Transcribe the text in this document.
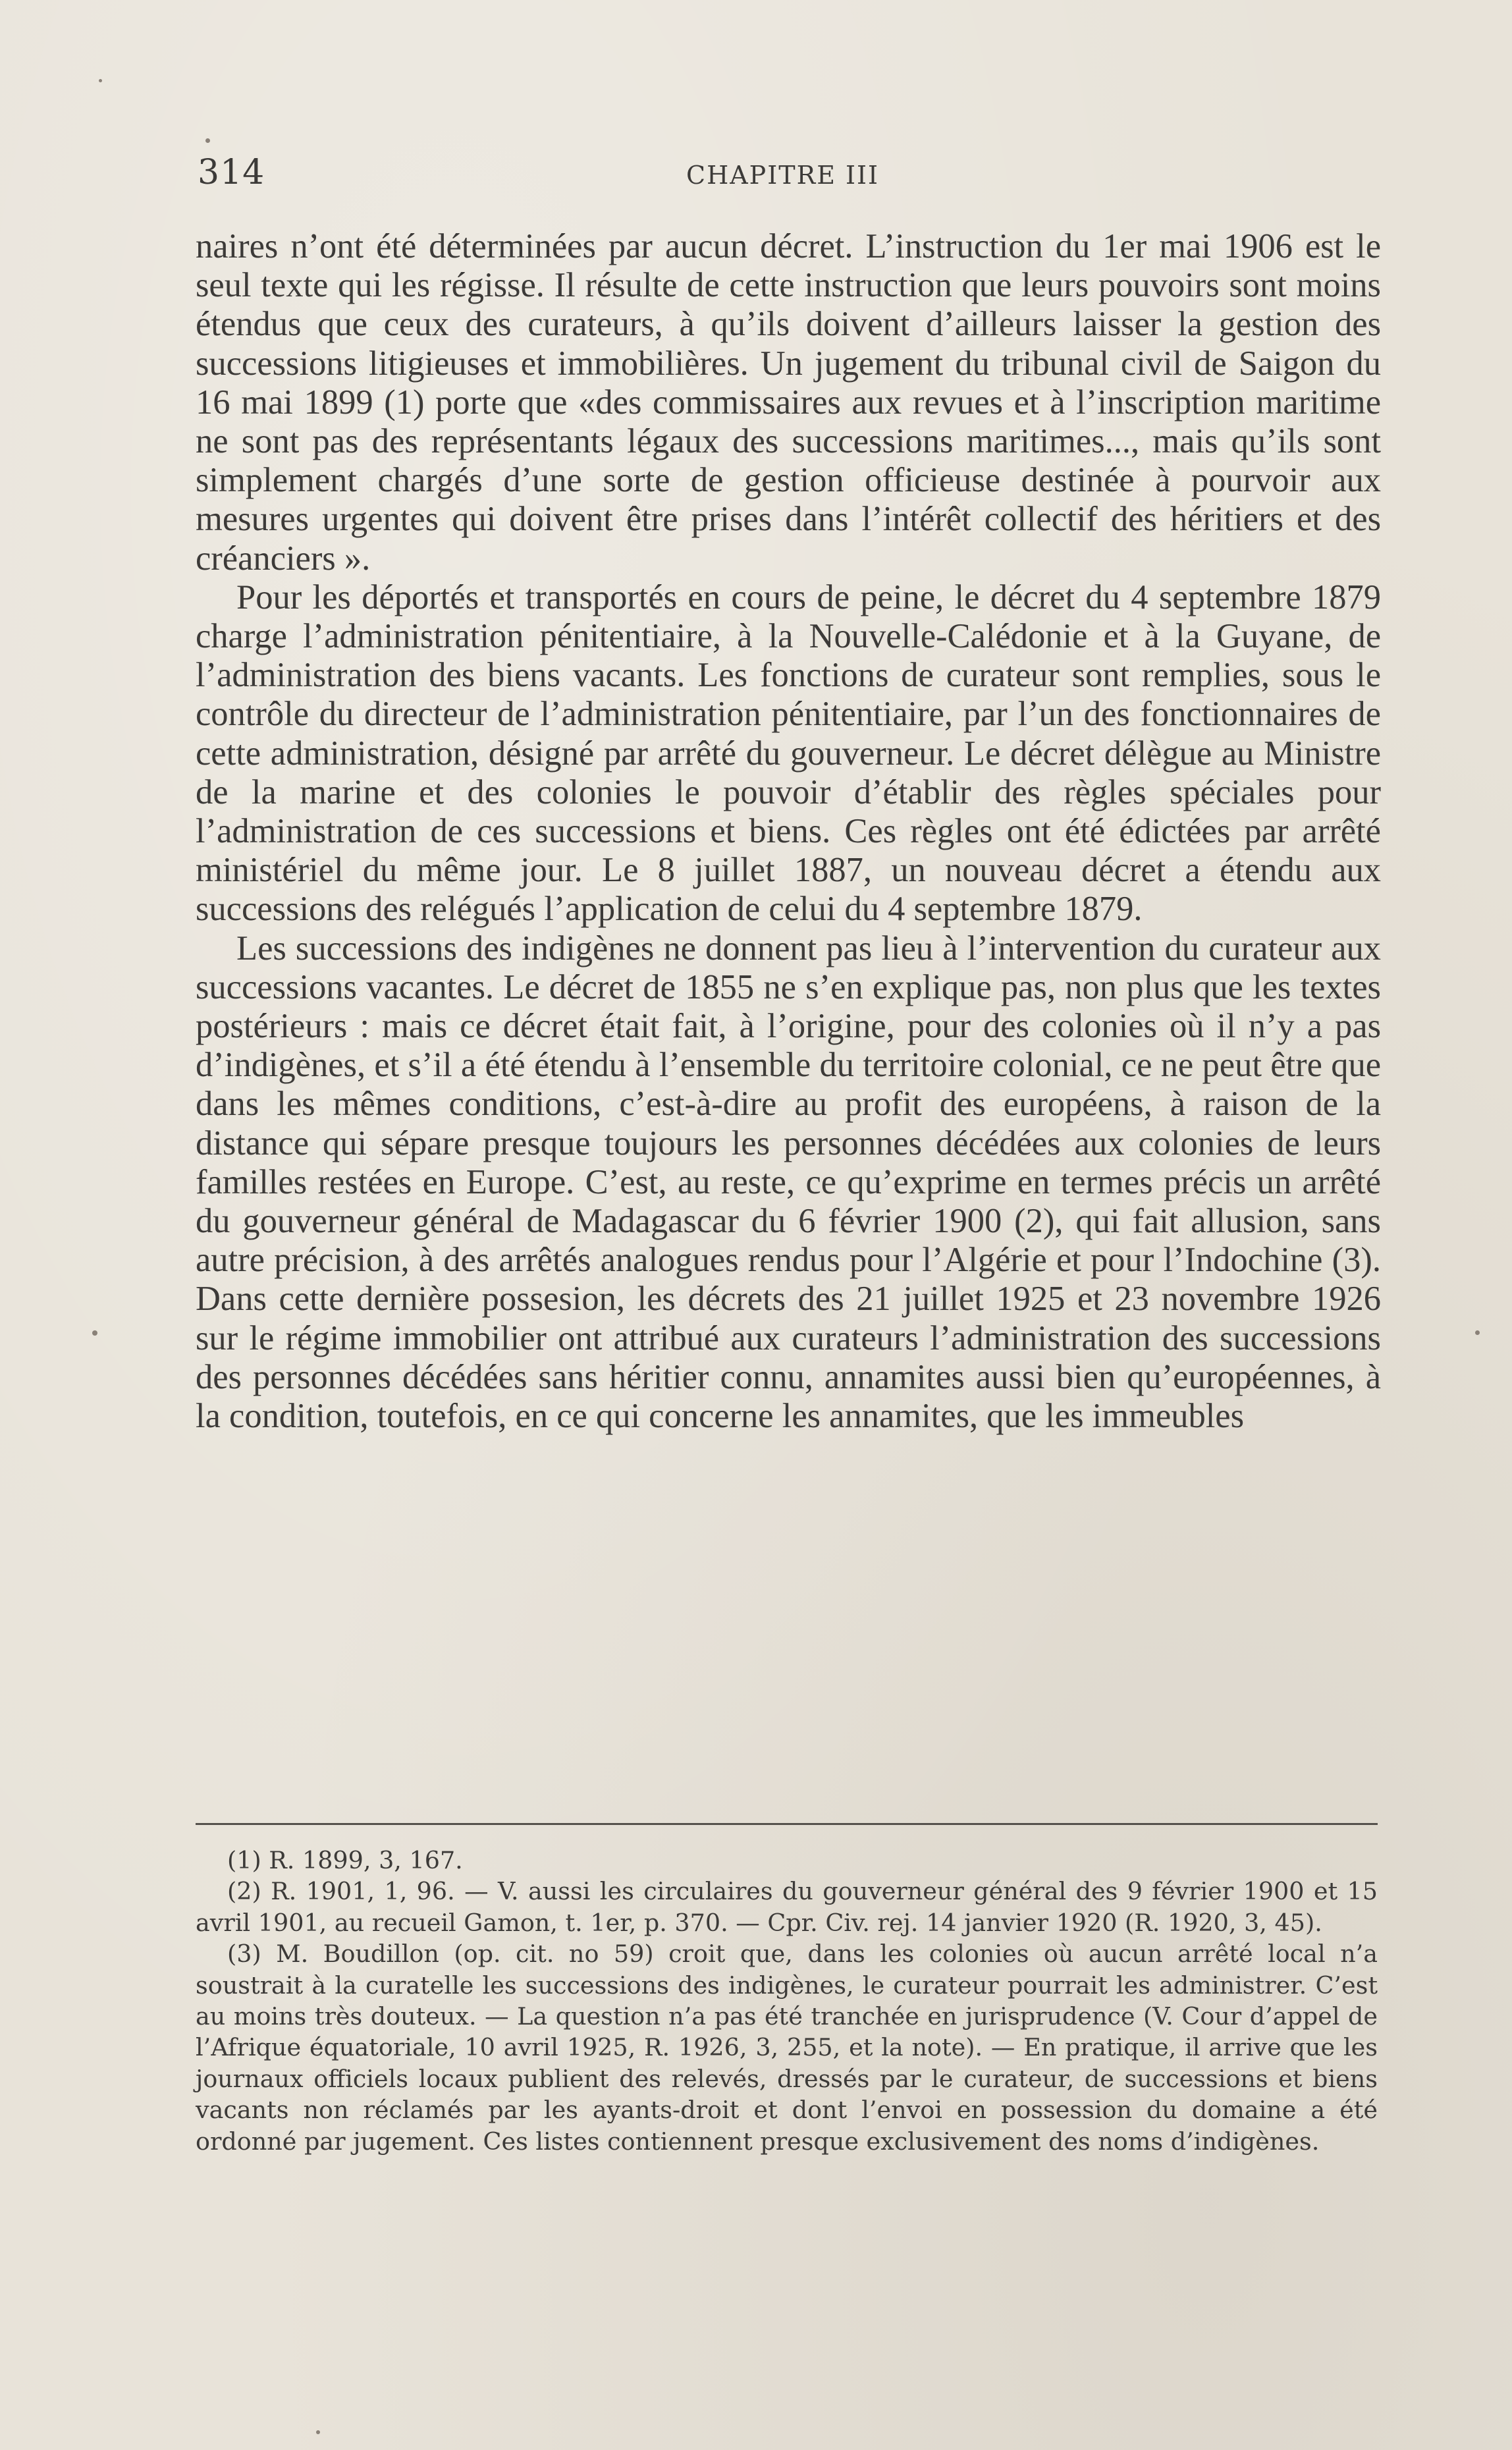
314	CHAPITRE III

naires n’ont été déterminées par aucun décret. L’instruction du 1er mai 1906 est le seul texte qui les régisse. Il résulte de cette instruction que leurs pouvoirs sont moins étendus que ceux des curateurs, à qu’ils doivent d’ailleurs laisser la gestion des successions litigieuses et immobilières. Un jugement du tribunal civil de Saigon du 16 mai 1899 (1) porte que «des commissaires aux revues et à l’inscription maritime ne sont pas des représentants légaux des successions maritimes..., mais qu’ils sont simplement chargés d’une sorte de gestion officieuse destinée à pourvoir aux mesures urgentes qui doivent être prises dans l’intérêt collectif des héritiers et des créanciers ».

Pour les déportés et transportés en cours de peine, le décret du 4 septembre 1879 charge l’administration pénitentiaire, à la Nouvelle-Calédonie et à la Guyane, de l’administration des biens vacants. Les fonctions de curateur sont remplies, sous le contrôle du directeur de l’administration pénitentiaire, par l’un des fonctionnaires de cette administration, désigné par arrêté du gouverneur. Le décret délègue au Ministre de la marine et des colonies le pouvoir d’établir des règles spéciales pour l’administration de ces successions et biens. Ces règles ont été édictées par arrêté ministériel du même jour. Le 8 juillet 1887, un nouveau décret a étendu aux successions des relégués l’application de celui du 4 septembre 1879.

Les successions des indigènes ne donnent pas lieu à l’intervention du curateur aux successions vacantes. Le décret de 1855 ne s’en explique pas, non plus que les textes postérieurs : mais ce décret était fait, à l’origine, pour des colonies où il n’y a pas d’indigènes, et s’il a été étendu à l’ensemble du territoire colonial, ce ne peut être que dans les mêmes conditions, c’est-à-dire au profit des européens, à raison de la distance qui sépare presque toujours les personnes décédées aux colonies de leurs familles restées en Europe. C’est, au reste, ce qu’exprime en termes précis un arrêté du gouverneur général de Madagascar du 6 février 1900 (2), qui fait allusion, sans autre précision, à des arrêtés analogues rendus pour l’Algérie et pour l’Indochine (3). Dans cette dernière possesion, les décrets des 21 juillet 1925 et 23 novembre 1926 sur le régime immobilier ont attribué aux curateurs l’administration des successions des personnes décédées sans héritier connu, annamites aussi bien qu’européennes, à la condition, toutefois, en ce qui concerne les annamites, que les immeubles

(1) R. 1899, 3, 167.

(2) R. 1901, 1, 96. — V. aussi les circulaires du gouverneur général des 9 février 1900 et 15 avril 1901, au recueil Gamon, t. 1er, p. 370. — Cpr. Civ. rej. 14 janvier 1920 (R. 1920, 3, 45).

(3) M. Boudillon (op. cit. no 59) croit que, dans les colonies où aucun arrêté local n’a soustrait à la curatelle les successions des indigènes, le curateur pourrait les administrer. C’est au moins très douteux. — La question n’a pas été tranchée en jurisprudence (V. Cour d’appel de l’Afrique équatoriale, 10 avril 1925, R. 1926, 3, 255, et la note). — En pratique, il arrive que les journaux officiels locaux publient des relevés, dressés par le curateur, de successions et biens vacants non réclamés par les ayants-droit et dont l’envoi en possession du domaine a été ordonné par jugement. Ces listes contiennent presque exclusivement des noms d’indigènes.
